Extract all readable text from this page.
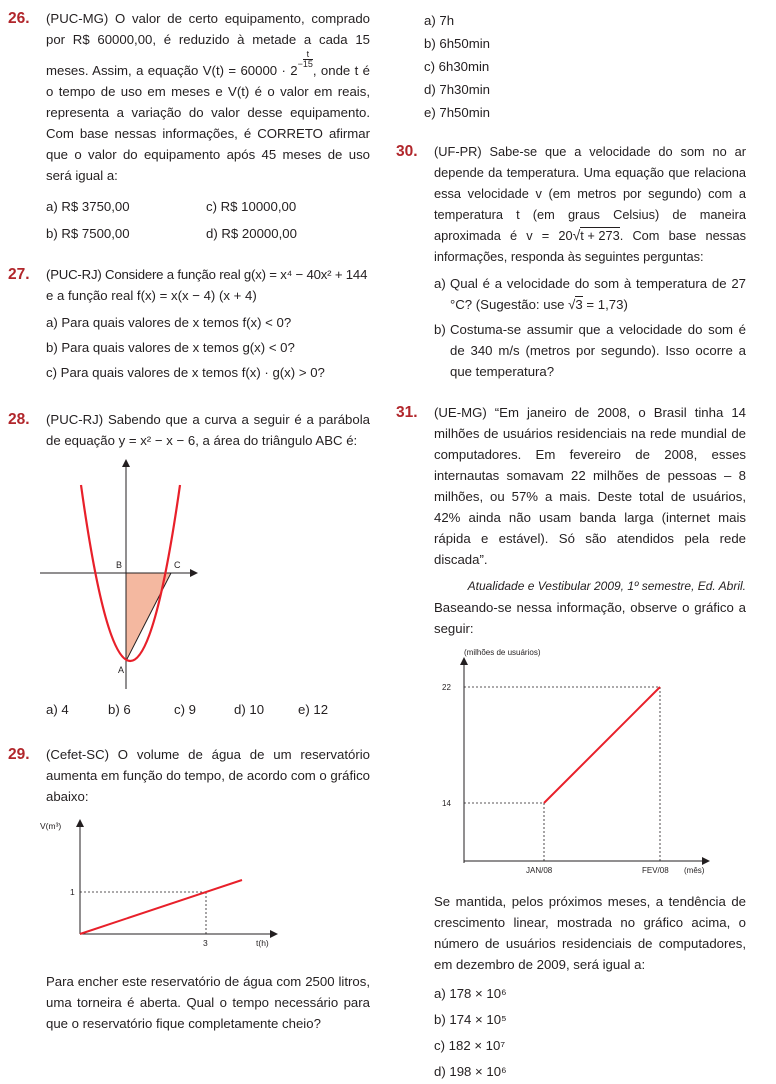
26. (PUC-MG) O valor de certo equipamento, comprado por R$ 60000,00, é reduzido à metade a cada 15 meses. Assim, a equação $V(t) = 60000 \cdot 2^{- \frac{t}{15}}$
, onde t é o tempo de uso em meses e V(t) é o valor em reais, representa a variação do valor desse equipamento. Com base nessas informações, é CORRETO afirmar que o valor do equipamento após 45 meses de uso será igual a:
a) R$ 3750,00	c) R$ 10000,00
b) R$ 7500,00	d) R$ 20000,00
27. (PUC-RJ) Considere a função real g(x) = x⁴ − 40x² + 144
e a função real f(x) = x(x − 4) (x + 4)
a) Para quais valores de x temos f(x) < 0?
b) Para quais valores de x temos g(x) < 0?
c) Para quais valores de x temos f(x) · g(x) > 0?
28. (PUC-RJ) Sabendo que a curva a seguir é a parábola de equação y = x² − x − 6, a área do triângulo ABC é:
B	C
A
a) 4	b) 6	c) 9	d) 10	e) 12
29. (Cefet-SC) O volume de água de um reservatório aumenta em função do tempo, de acordo com o gráfico abaixo:
V(m³)
1
3	t(h)
Para encher este reservatório de água com 2500 litros, uma torneira é aberta. Qual o tempo necessário para que o reservatório fique completamente cheio?
a) 7h
b) 6h50min
c) 6h30min
d) 7h30min
e) 7h50min
30. (UF-PR) Sabe-se que a velocidade do som no ar depende da temperatura. Uma equação que relaciona essa velocidade v (em metros por segundo) com a temperatura t (em graus Celsius) de maneira aproximada é v = 20√t + 273. Com base nessas informações, responda às seguintes perguntas:
a) Qual é a velocidade do som à temperatura de 27 °C? (Sugestão: use √3 = 1,73)
b) Costuma-se assumir que a velocidade do som é de 340 m/s (metros por segundo). Isso ocorre a que temperatura?
31. (UE-MG) “Em janeiro de 2008, o Brasil tinha 14 milhões de usuários residenciais na rede mundial de computadores. Em fevereiro de 2008, esses internautas somavam 22 milhões de pessoas – 8 milhões, ou 57% a mais. Deste total de usuários, 42% ainda não usam banda larga (internet mais rápida e estável). Só são atendidos pela rede discada”.
Atualidade e Vestibular 2009, 1º semestre, Ed. Abril.
Baseando-se nessa informação, observe o gráfico a seguir:
(milhões de usuários)
(mês)
14
JAN/08
22
FEV/08
Se mantida, pelos próximos meses, a tendência de crescimento linear, mostrada no gráfico acima, o número de usuários residenciais de computadores, em dezembro de 2009, será igual a:
a) 178 × 10⁶
b) 174 × 10⁵
c) 182 × 10⁷
d) 198 × 10⁶
